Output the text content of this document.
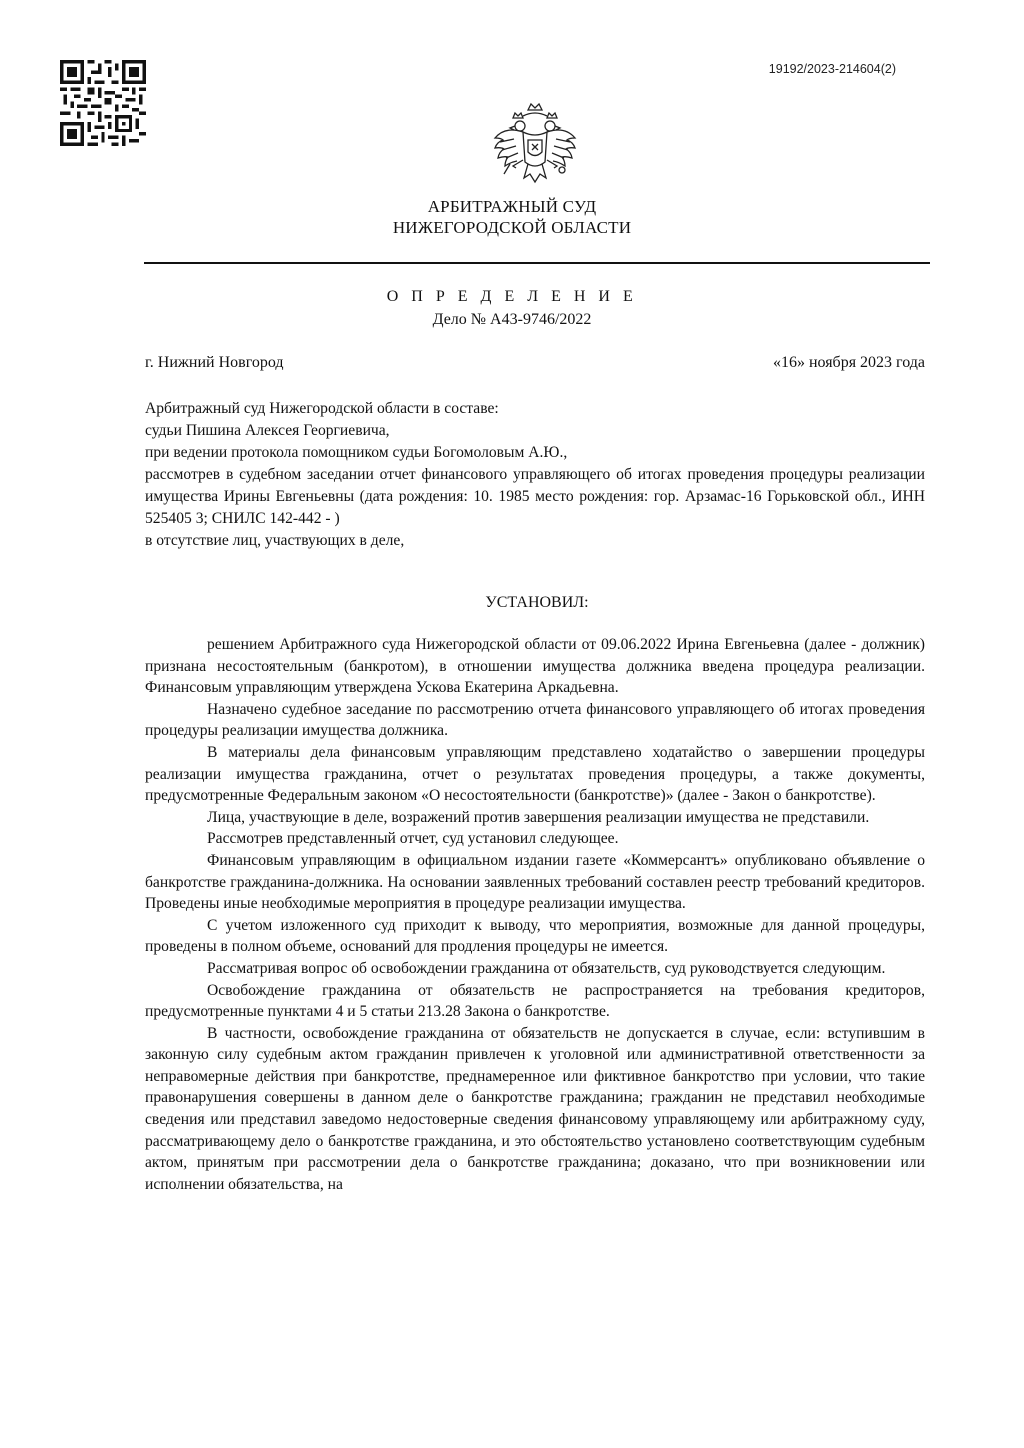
19192/2023-214604(2)
АРБИТРАЖНЫЙ СУД
НИЖЕГОРОДСКОЙ ОБЛАСТИ
О П Р Е Д Е Л Е Н И Е
Дело № А43-9746/2022
г. Нижний Новгород	«16» ноября 2023 года

Арбитражный суд Нижегородской области в составе:

судьи Пишина Алексея Георгиевича,

при ведении протокола помощником судьи Богомоловым А.Ю.,

рассмотрев в судебном заседании отчет финансового управляющего об итогах проведения процедуры реализации имущества Ирины Евгеньевны (дата рождения: 10. 1985 место рождения: гор. Арзамас-16 Горьковской обл., ИНН 525405 3; СНИЛС 142-442 - )

в отсутствие лиц, участвующих в деле,

УСТАНОВИЛ:

решением Арбитражного суда Нижегородской области от 09.06.2022 Ирина Евгеньевна (далее - должник) признана несостоятельным (банкротом), в отношении имущества должника введена процедура реализации. Финансовым управляющим утверждена Ускова Екатерина Аркадьевна.

Назначено судебное заседание по рассмотрению отчета финансового управляющего об итогах проведения процедуры реализации имущества должника.

В материалы дела финансовым управляющим представлено ходатайство о завершении процедуры реализации имущества гражданина, отчет о результатах проведения процедуры, а также документы, предусмотренные Федеральным законом «О несостоятельности (банкротстве)» (далее - Закон о банкротстве).

Лица, участвующие в деле, возражений против завершения реализации имущества не представили.

Рассмотрев представленный отчет, суд установил следующее.

Финансовым управляющим в официальном издании газете «Коммерсантъ» опубликовано объявление о банкротстве гражданина-должника. На основании заявленных требований составлен реестр требований кредиторов. Проведены иные необходимые мероприятия в процедуре реализации имущества.

С учетом изложенного суд приходит к выводу, что мероприятия, возможные для данной процедуры, проведены в полном объеме, оснований для продления процедуры не имеется.

Рассматривая вопрос об освобождении гражданина от обязательств, суд руководствуется следующим.

Освобождение гражданина от обязательств не распространяется на требования кредиторов, предусмотренные пунктами 4 и 5 статьи 213.28 Закона о банкротстве.

В частности, освобождение гражданина от обязательств не допускается в случае, если: вступившим в законную силу судебным актом гражданин привлечен к уголовной или административной ответственности за неправомерные действия при банкротстве, преднамеренное или фиктивное банкротство при условии, что такие правонарушения совершены в данном деле о банкротстве гражданина; гражданин не представил необходимые сведения или представил заведомо недостоверные сведения финансовому управляющему или арбитражному суду, рассматривающему дело о банкротстве гражданина, и это обстоятельство установлено соответствующим судебным актом, принятым при рассмотрении дела о банкротстве гражданина; доказано, что при возникновении или исполнении обязательства, на
